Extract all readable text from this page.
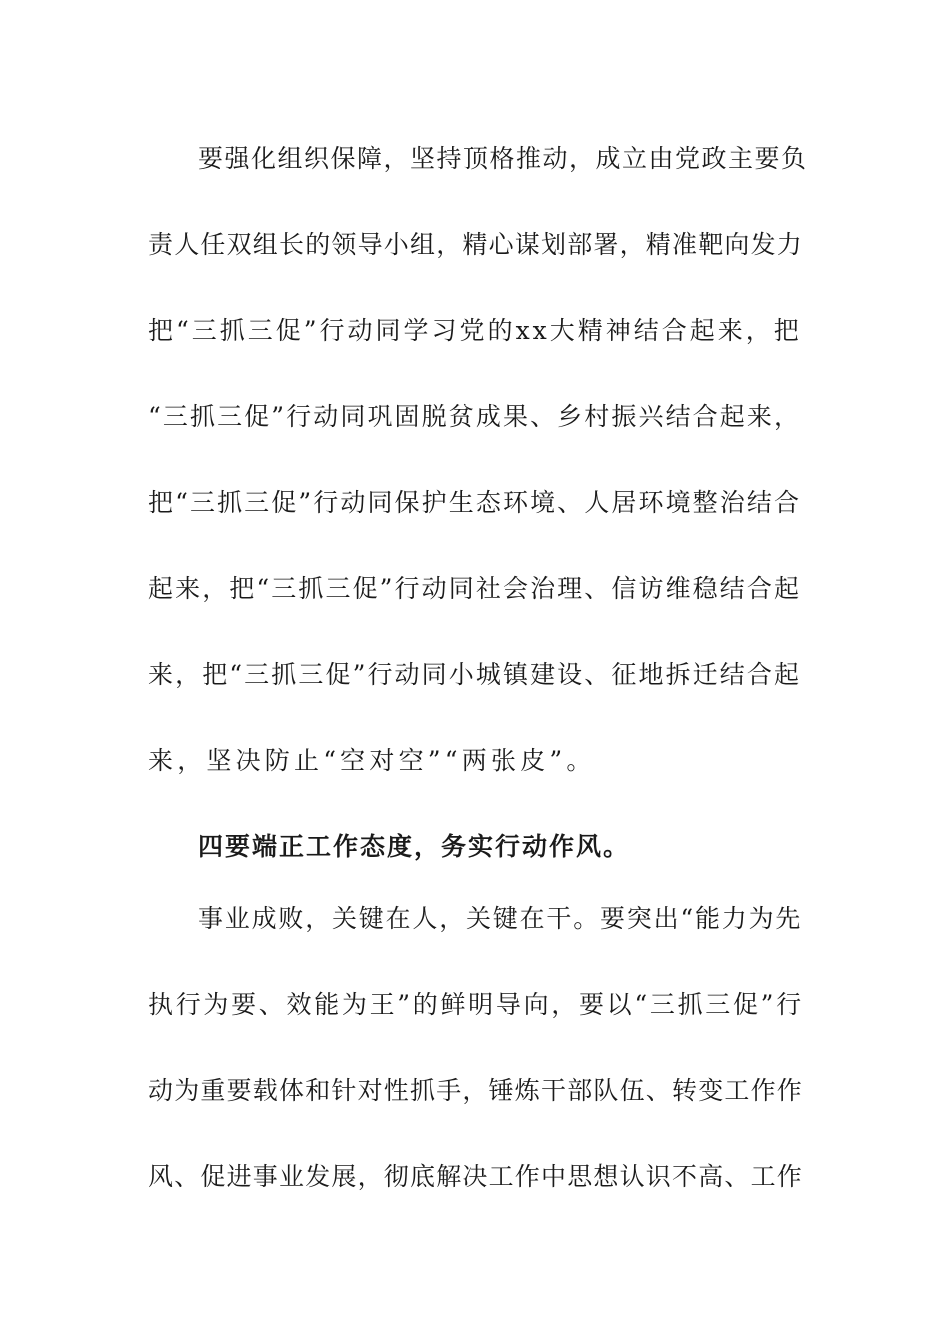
要强化组织保障，坚持顶格推动，成立由党政主要负

责人任双组长的领导小组，精心谋划部署，精准靶向发力

把“三抓三促”行动同学习党的xx大精神结合起来，把

“三抓三促”行动同巩固脱贫成果、乡村振兴结合起来，

把“三抓三促”行动同保护生态环境、人居环境整治结合

起来，把“三抓三促”行动同社会治理、信访维稳结合起

来，把“三抓三促”行动同小城镇建设、征地拆迁结合起

来，坚决防止“空对空”“两张皮”。

四要端正工作态度，务实行动作风。

事业成败，关键在人，关键在干。要突出“能力为先

执行为要、效能为王”的鲜明导向，要以“三抓三促”行

动为重要载体和针对性抓手，锤炼干部队伍、转变工作作

风、促进事业发展，彻底解决工作中思想认识不高、工作
